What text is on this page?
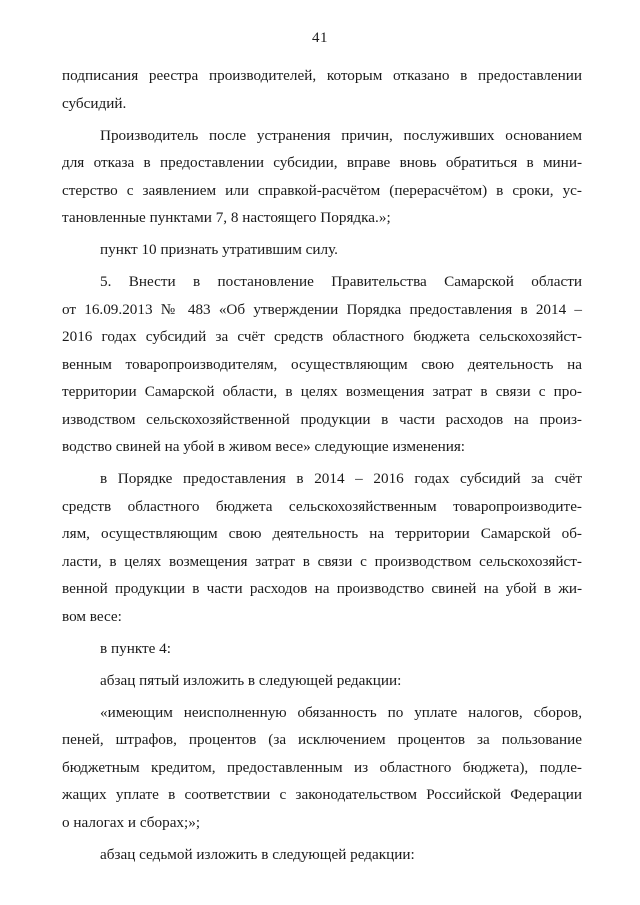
41
подписания реестра производителей, которым отказано в предоставлении
субсидий.
Производитель после устранения причин, послуживших основанием
для отказа в предоставлении субсидии, вправе вновь обратиться в мини-
стерство с заявлением или справкой-расчётом (перерасчётом) в сроки, ус-
тановленные пунктами 7, 8 настоящего Порядка.»;
пункт 10 признать утратившим силу.
5. Внести в постановление Правительства Самарской области
от 16.09.2013 № 483 «Об утверждении Порядка предоставления в 2014 –
2016 годах субсидий за счёт средств областного бюджета сельскохозяйст-
венным товаропроизводителям, осуществляющим свою деятельность на
территории Самарской области, в целях возмещения затрат в связи с про-
изводством сельскохозяйственной продукции в части расходов на произ-
водство свиней на убой в живом весе» следующие изменения:
в Порядке предоставления в 2014 – 2016 годах субсидий за счёт
средств областного бюджета сельскохозяйственным товаропроизводите-
лям, осуществляющим свою деятельность на территории Самарской об-
ласти, в целях возмещения затрат в связи с производством сельскохозяйст-
венной продукции в части расходов на производство свиней на убой в жи-
вом весе:
в пункте 4:
абзац пятый изложить в следующей редакции:
«имеющим неисполненную обязанность по уплате налогов, сборов,
пеней, штрафов, процентов (за исключением процентов за пользование
бюджетным кредитом, предоставленным из областного бюджета), подле-
жащих уплате в соответствии с законодательством Российской Федерации
о налогах и сборах;»;
абзац седьмой изложить в следующей редакции:
